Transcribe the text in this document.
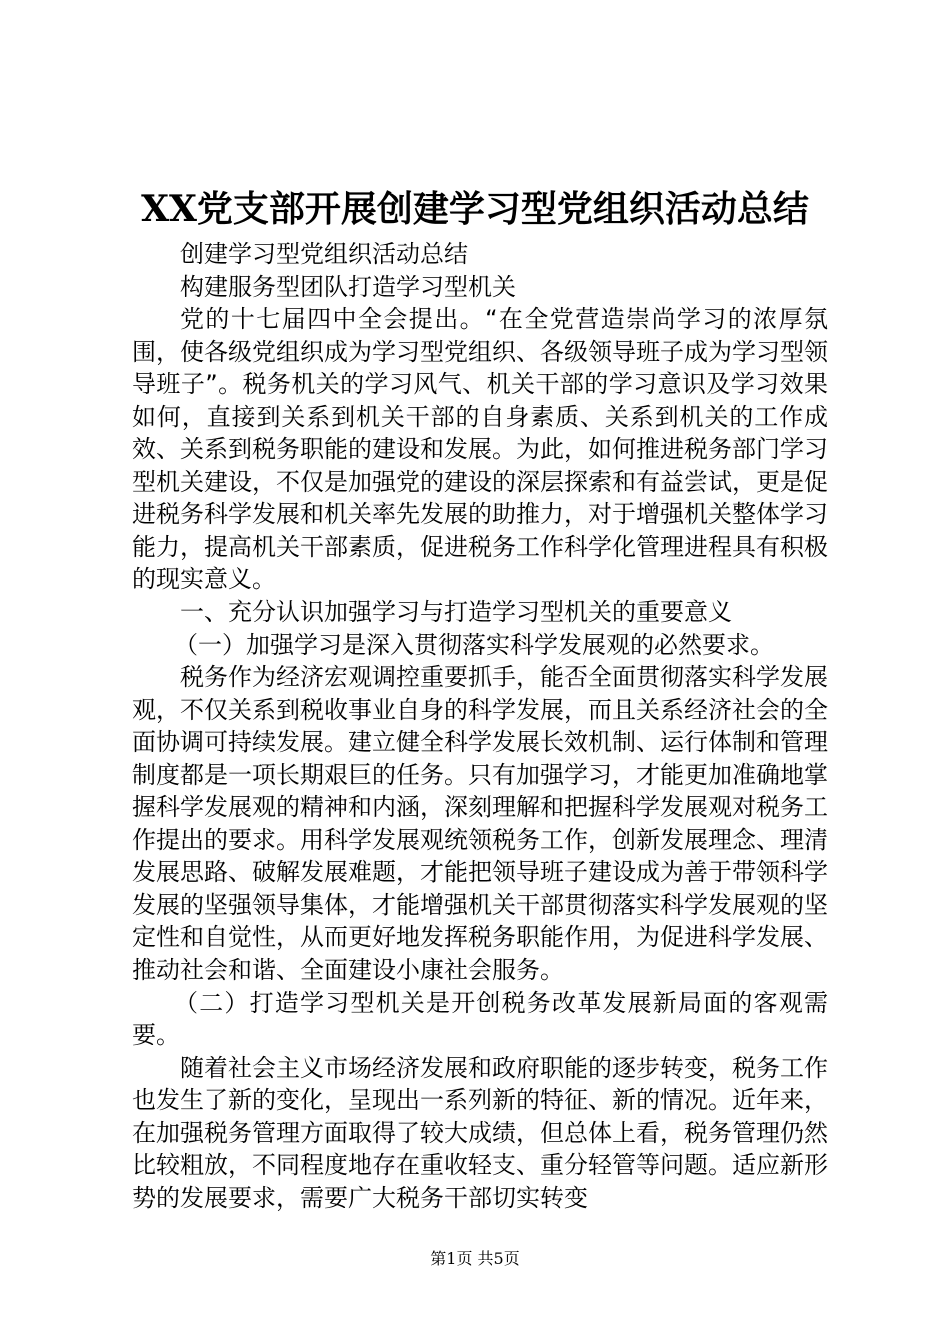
XX党支部开展创建学习型党组织活动总结

创建学习型党组织活动总结

构建服务型团队打造学习型机关

党的十七届四中全会提出。“在全党营造崇尚学习的浓厚氛围，使各级党组织成为学习型党组织、各级领导班子成为学习型领导班子”。税务机关的学习风气、机关干部的学习意识及学习效果如何，直接到关系到机关干部的自身素质、关系到机关的工作成效、关系到税务职能的建设和发展。为此，如何推进税务部门学习型机关建设，不仅是加强党的建设的深层探索和有益尝试，更是促进税务科学发展和机关率先发展的助推力，对于增强机关整体学习能力，提高机关干部素质，促进税务工作科学化管理进程具有积极的现实意义。

一、充分认识加强学习与打造学习型机关的重要意义

（一）加强学习是深入贯彻落实科学发展观的必然要求。

税务作为经济宏观调控重要抓手，能否全面贯彻落实科学发展观，不仅关系到税收事业自身的科学发展，而且关系经济社会的全面协调可持续发展。建立健全科学发展长效机制、运行体制和管理制度都是一项长期艰巨的任务。只有加强学习，才能更加准确地掌握科学发展观的精神和内涵，深刻理解和把握科学发展观对税务工作提出的要求。用科学发展观统领税务工作，创新发展理念、理清发展思路、破解发展难题，才能把领导班子建设成为善于带领科学发展的坚强领导集体，才能增强机关干部贯彻落实科学发展观的坚定性和自觉性，从而更好地发挥税务职能作用，为促进科学发展、推动社会和谐、全面建设小康社会服务。

（二）打造学习型机关是开创税务改革发展新局面的客观需要。

随着社会主义市场经济发展和政府职能的逐步转变，税务工作也发生了新的变化，呈现出一系列新的特征、新的情况。近年来，在加强税务管理方面取得了较大成绩，但总体上看，税务管理仍然比较粗放，不同程度地存在重收轻支、重分轻管等问题。适应新形势的发展要求，需要广大税务干部切实转变

第1页 共5页
